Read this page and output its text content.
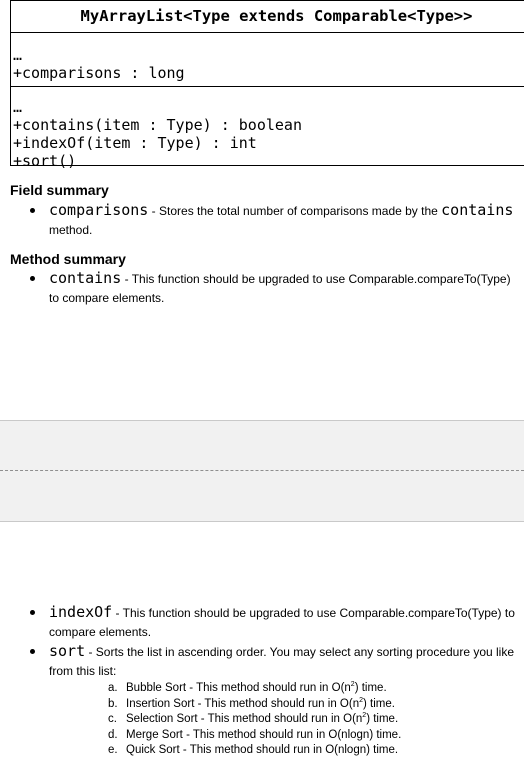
MyArrayList<Type extends Comparable<Type>>
…
+comparisons : long
…
+contains(item : Type) : boolean
+indexOf(item : Type) : int
+sort()
Field summary
comparisons - Stores the total number of comparisons made by the contains method.
Method summary
contains - This function should be upgraded to use Comparable.compareTo(Type) to compare elements.
indexOf - This function should be upgraded to use Comparable.compareTo(Type) to compare elements.
sort - Sorts the list in ascending order. You may select any sorting procedure you like from this list:
a. Bubble Sort - This method should run in $O(n^2)$ time.
b. Insertion Sort - This method should run in $O(n^2)$ time.
c. Selection Sort - This method should run in $O(n^2)$ time.
d. Merge Sort - This method should run in O(nlogn) time.
e. Quick Sort - This method should run in O(nlogn) time.
